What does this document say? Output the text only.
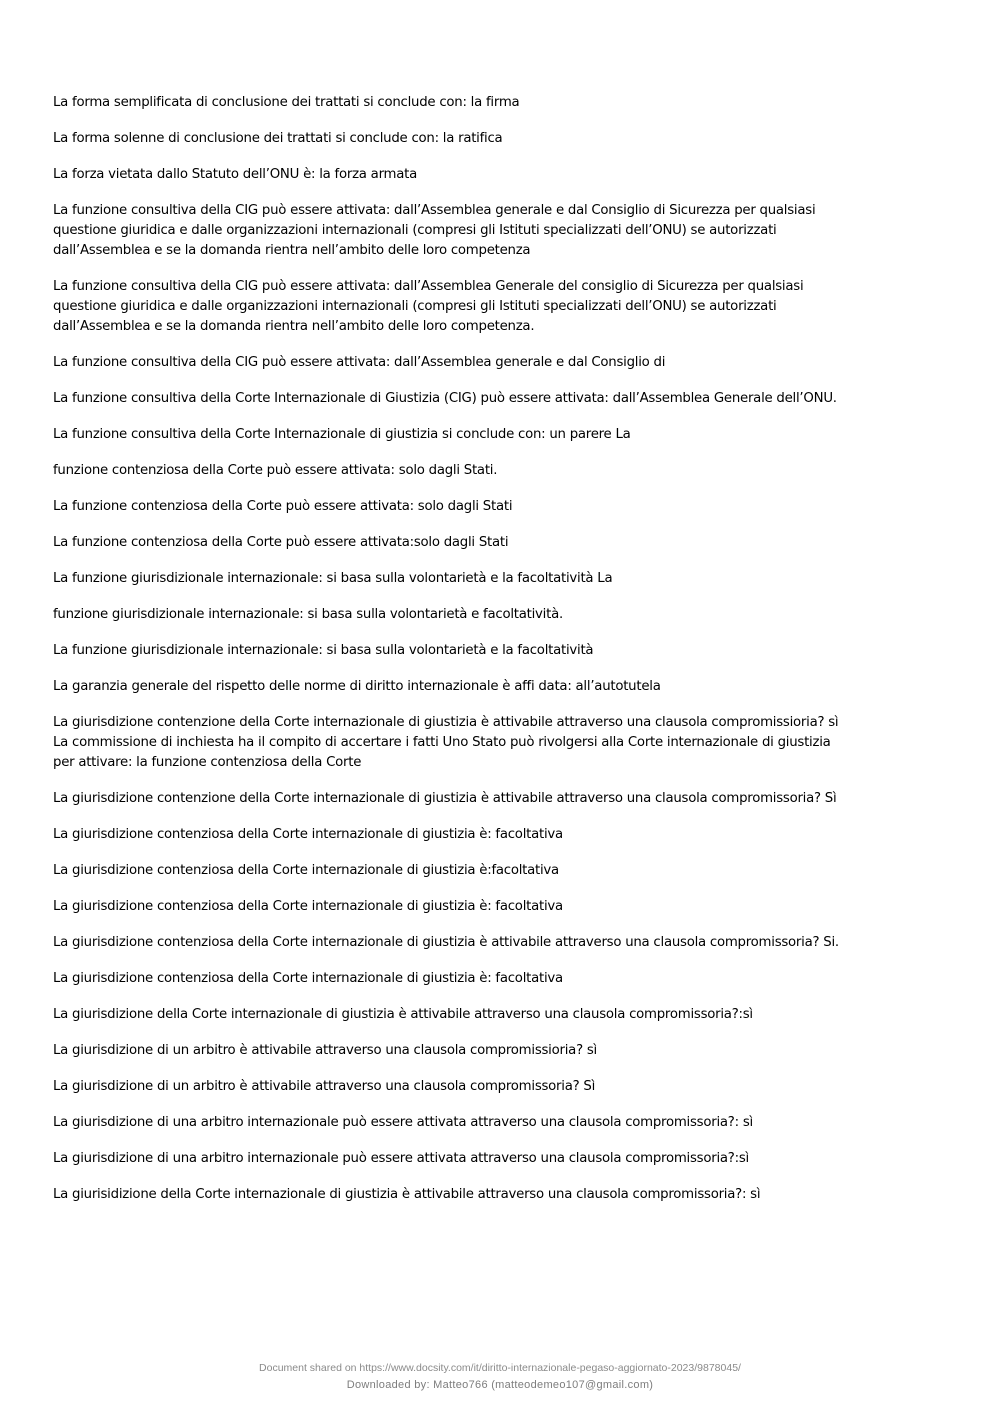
La forma semplificata di conclusione dei trattati si conclude con: la firma

La forma solenne di conclusione dei trattati si conclude con: la ratifica

La forza vietata dallo Statuto dell’ONU è: la forza armata

La funzione consultiva della CIG può essere attivata: dall’Assemblea generale e dal Consiglio di Sicurezza per qualsiasi
questione giuridica e dalle organizzazioni internazionali (compresi gli Istituti specializzati dell’ONU) se autorizzati
dall’Assemblea e se la domanda rientra nell’ambito delle loro competenza

La funzione consultiva della CIG può essere attivata: dall’Assemblea Generale del consiglio di Sicurezza per qualsiasi
questione giuridica e dalle organizzazioni internazionali (compresi gli Istituti specializzati dell’ONU) se autorizzati
dall’Assemblea e se la domanda rientra nell’ambito delle loro competenza.

La funzione consultiva della CIG può essere attivata: dall’Assemblea generale e dal Consiglio di

La funzione consultiva della Corte Internazionale di Giustizia (CIG) può essere attivata: dall’Assemblea Generale dell’ONU.

La funzione consultiva della Corte Internazionale di giustizia si conclude con: un parere La

funzione contenziosa della Corte può essere attivata: solo dagli Stati.

La funzione contenziosa della Corte può essere attivata: solo dagli Stati

La funzione contenziosa della Corte può essere attivata:solo dagli Stati

La funzione giurisdizionale internazionale: si basa sulla volontarietà e la facoltatività La

funzione giurisdizionale internazionale: si basa sulla volontarietà e facoltatività.

La funzione giurisdizionale internazionale: si basa sulla volontarietà e la facoltatività

La garanzia generale del rispetto delle norme di diritto internazionale è affi data: all’autotutela

La giurisdizione contenzione della Corte internazionale di giustizia è attivabile attraverso una clausola compromissioria? sì
La commissione di inchiesta ha il compito di accertare i fatti Uno Stato può rivolgersi alla Corte internazionale di giustizia
per attivare: la funzione contenziosa della Corte

La giurisdizione contenzione della Corte internazionale di giustizia è attivabile attraverso una clausola compromissoria? Sì

La giurisdizione contenziosa della Corte internazionale di giustizia è: facoltativa

La giurisdizione contenziosa della Corte internazionale di giustizia è:facoltativa

La giurisdizione contenziosa della Corte internazionale di giustizia è: facoltativa

La giurisdizione contenziosa della Corte internazionale di giustizia è attivabile attraverso una clausola compromissoria? Si.

La giurisdizione contenziosa della Corte internazionale di giustizia è: facoltativa

La giurisdizione della Corte internazionale di giustizia è attivabile attraverso una clausola compromissoria?:sì

La giurisdizione di un arbitro è attivabile attraverso una clausola compromissioria? sì

La giurisdizione di un arbitro è attivabile attraverso una clausola compromissoria? Sì

La giurisdizione di una arbitro internazionale può essere attivata attraverso una clausola compromissoria?: sì

La giurisdizione di una arbitro internazionale può essere attivata attraverso una clausola compromissoria?:sì

La giurisidizione della Corte internazionale di giustizia è attivabile attraverso una clausola compromissoria?: sì

Document shared on https://www.docsity.com/it/diritto-internazionale-pegaso-aggiornato-2023/9878045/
Downloaded by: Matteo766 (matteodemeo107@gmail.com)
